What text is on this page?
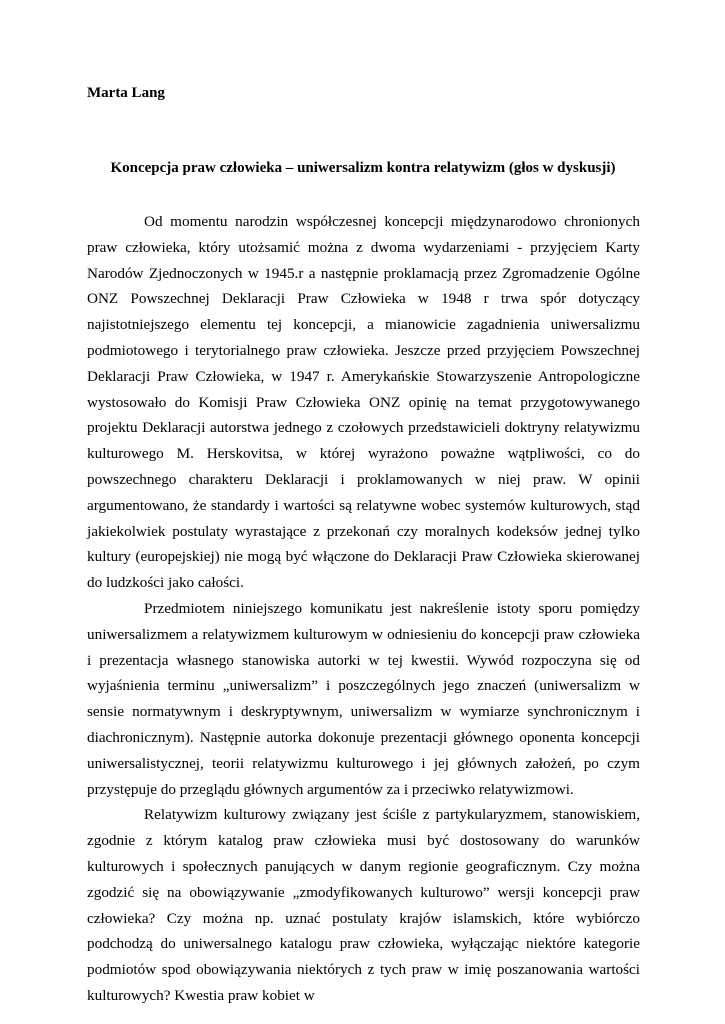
Marta Lang

Koncepcja praw człowieka – uniwersalizm kontra relatywizm (głos w dyskusji)

Od momentu narodzin współczesnej koncepcji międzynarodowo chronionych praw człowieka, który utożsamić można z dwoma wydarzeniami - przyjęciem Karty Narodów Zjednoczonych w 1945.r a następnie proklamacją przez Zgromadzenie Ogólne ONZ Powszechnej Deklaracji Praw Człowieka w 1948 r trwa spór dotyczący najistotniejszego elementu tej koncepcji, a mianowicie zagadnienia uniwersalizmu podmiotowego i terytorialnego praw człowieka. Jeszcze przed przyjęciem Powszechnej Deklaracji Praw Człowieka, w 1947 r. Amerykańskie Stowarzyszenie Antropologiczne wystosowało do Komisji Praw Człowieka ONZ opinię na temat przygotowywanego projektu Deklaracji autorstwa jednego z czołowych przedstawicieli doktryny relatywizmu kulturowego M. Herskovitsa, w której wyrażono poważne wątpliwości, co do powszechnego charakteru Deklaracji i proklamowanych w niej praw. W opinii argumentowano, że standardy i wartości są relatywne wobec systemów kulturowych, stąd jakiekolwiek postulaty wyrastające z przekonań czy moralnych kodeksów jednej tylko kultury (europejskiej) nie mogą być włączone do Deklaracji Praw Człowieka skierowanej do ludzkości jako całości.

Przedmiotem niniejszego komunikatu jest nakreślenie istoty sporu pomiędzy uniwersalizmem a relatywizmem kulturowym w odniesieniu do koncepcji praw człowieka i prezentacja własnego stanowiska autorki w tej kwestii. Wywód rozpoczyna się od wyjaśnienia terminu „uniwersalizm” i poszczególnych jego znaczeń (uniwersalizm w sensie normatywnym i deskryptywnym, uniwersalizm w wymiarze synchronicznym i diachronicznym). Następnie autorka dokonuje prezentacji głównego oponenta koncepcji uniwersalistycznej, teorii relatywizmu kulturowego i jej głównych założeń, po czym przystępuje do przeglądu głównych argumentów za i przeciwko relatywizmowi.

Relatywizm kulturowy związany jest ściśle z partykularyzmem, stanowiskiem, zgodnie z którym katalog praw człowieka musi być dostosowany do warunków kulturowych i społecznych panujących w danym regionie geograficznym. Czy można zgodzić się na obowiązywanie „zmodyfikowanych kulturowo” wersji koncepcji praw człowieka? Czy można np. uznać postulaty krajów islamskich, które wybiórczo podchodzą do uniwersalnego katalogu praw człowieka, wyłączając niektóre kategorie podmiotów spod obowiązywania niektórych z tych praw w imię poszanowania wartości kulturowych? Kwestia praw kobiet w
